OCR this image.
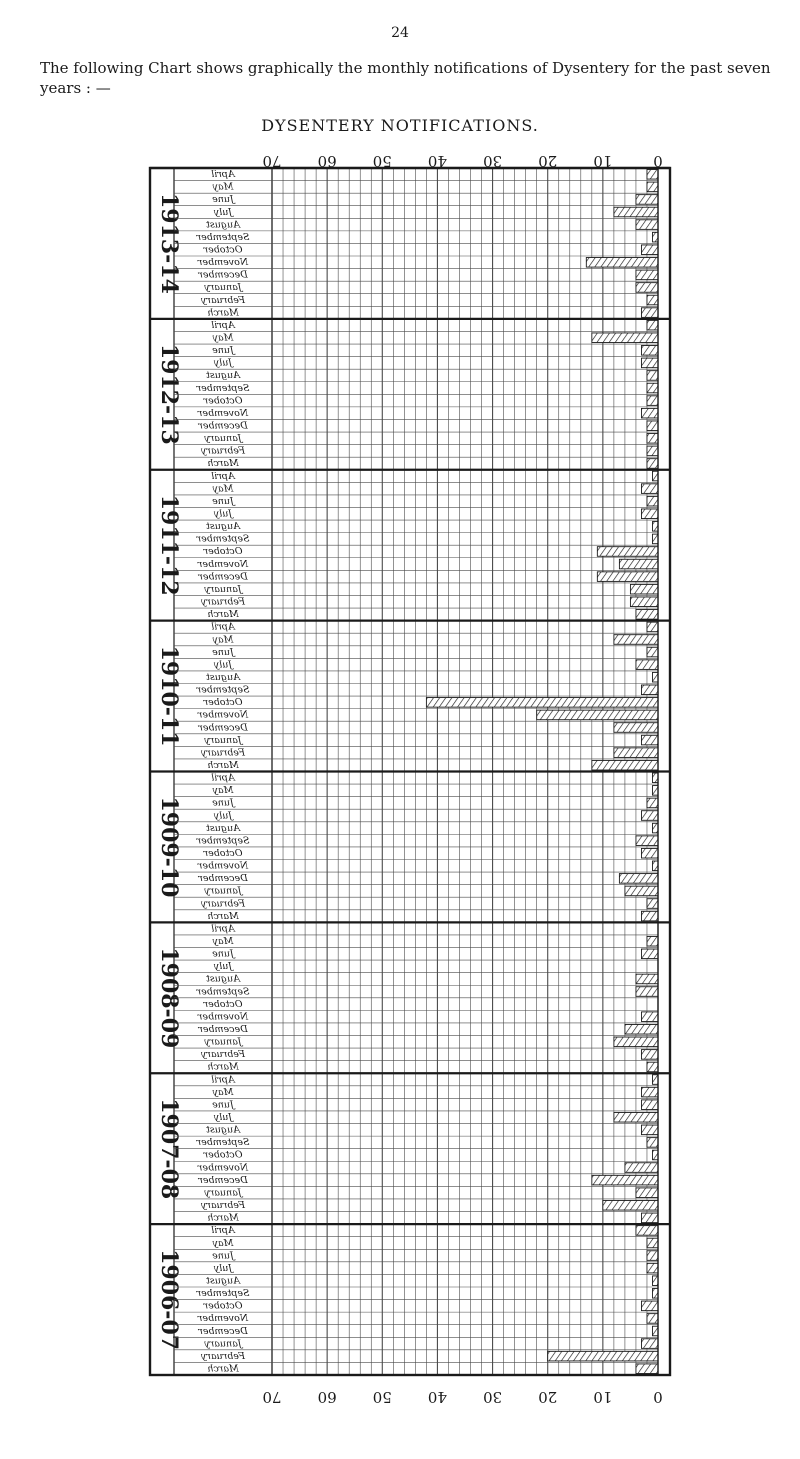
24
The following Chart shows graphically the monthly notifications of Dysentery for the past seven years : —
DYSENTERY NOTIFICATIONS.
70
70
60
60
50
50
40
40
30
30
20
20
10
10
0
0
1913-14
April
May
June
July
August
September
October
November
December
January
February
March
1912-13
April
May
June
July
August
September
October
November
December
January
February
March
1911-12
April
May
June
July
August
September
October
November
December
January
February
March
1910-11
April
May
June
July
August
September
October
November
December
January
February
March
1909-10
April
May
June
July
August
September
October
November
December
January
February
March
1908-09
April
May
June
July
August
September
October
November
December
January
February
March
1907-08
April
May
June
July
August
September
October
November
December
January
February
March
1906-07
April
May
June
July
August
September
October
November
December
January
February
March
